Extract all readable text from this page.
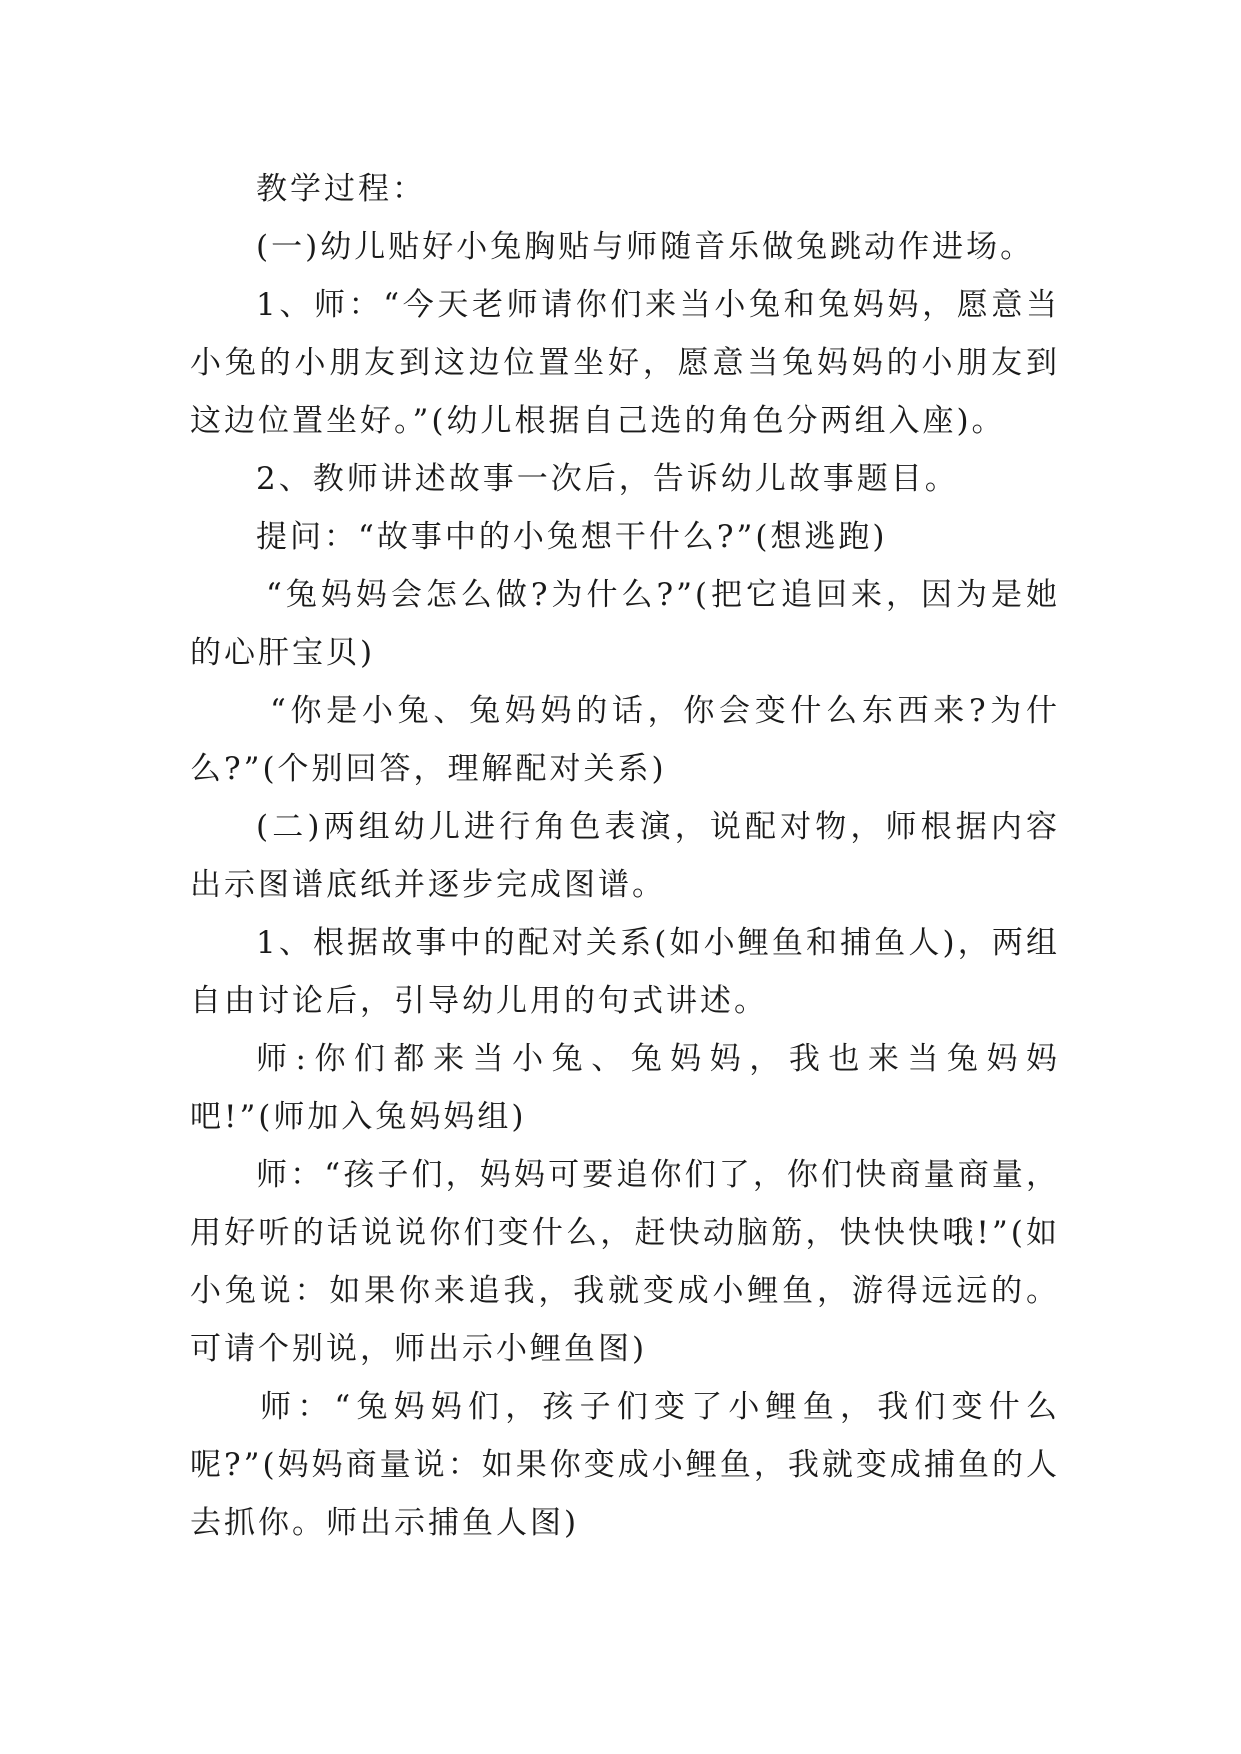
教学过程：

(一)幼儿贴好小兔胸贴与师随音乐做兔跳动作进场。

1、师：“今天老师请你们来当小兔和兔妈妈，愿意当小兔的小朋友到这边位置坐好，愿意当兔妈妈的小朋友到这边位置坐好。”(幼儿根据自己选的角色分两组入座)。

2、教师讲述故事一次后，告诉幼儿故事题目。

提问：“故事中的小兔想干什么?”(想逃跑)

“兔妈妈会怎么做?为什么?”(把它追回来，因为是她的心肝宝贝)

“你是小兔、兔妈妈的话，你会变什么东西来?为什么?”(个别回答，理解配对关系)

(二)两组幼儿进行角色表演，说配对物，师根据内容出示图谱底纸并逐步完成图谱。

1、根据故事中的配对关系(如小鲤鱼和捕鱼人)，两组自由讨论后，引导幼儿用的句式讲述。

师:你们都来当小兔、兔妈妈，我也来当兔妈妈吧!”(师加入兔妈妈组)

师：“孩子们，妈妈可要追你们了，你们快商量商量，用好听的话说说你们变什么，赶快动脑筋，快快快哦!”(如小兔说：如果你来追我，我就变成小鲤鱼，游得远远的。可请个别说，师出示小鲤鱼图)

师：“兔妈妈们，孩子们变了小鲤鱼，我们变什么呢?”(妈妈商量说：如果你变成小鲤鱼，我就变成捕鱼的人去抓你。师出示捕鱼人图)
